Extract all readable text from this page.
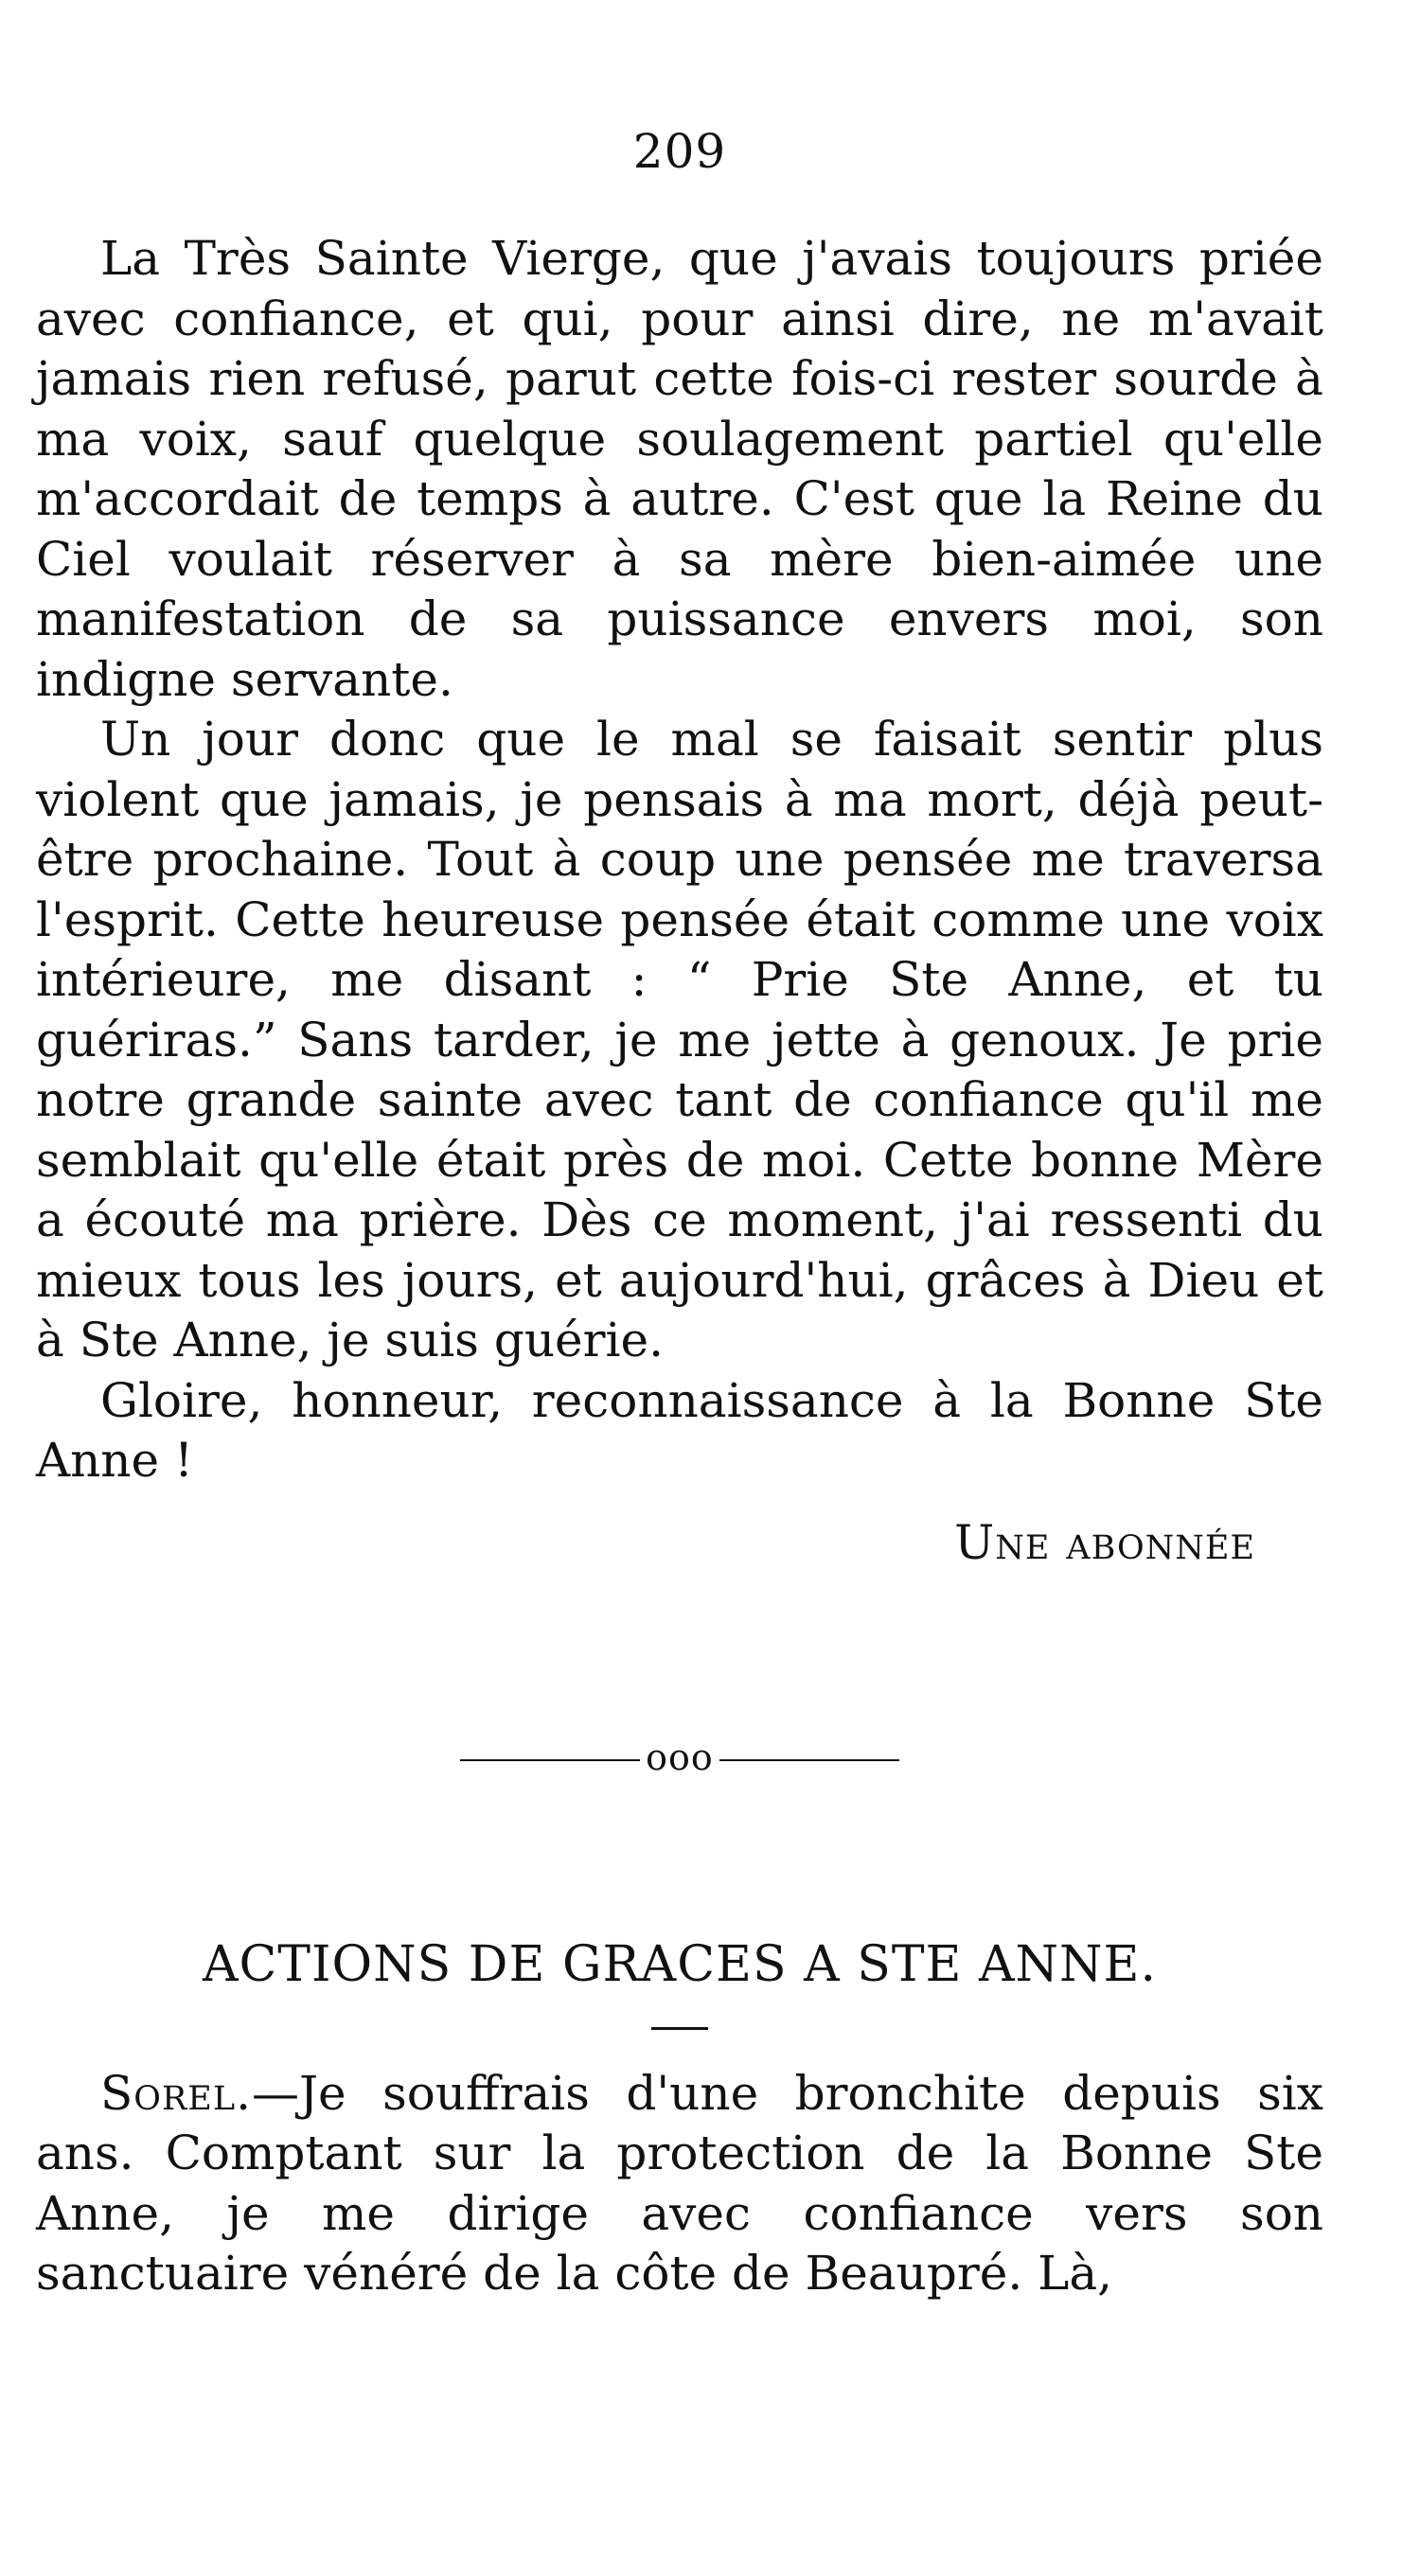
209

La Très Sainte Vierge, que j'avais toujours priée avec confiance, et qui, pour ainsi dire, ne m'avait jamais rien refusé, parut cette fois-ci rester sourde à ma voix, sauf quelque soulagement partiel qu'elle m'accordait de temps à autre. C'est que la Reine du Ciel voulait réserver à sa mère bien-aimée une manifestation de sa puissance envers moi, son indigne servante.

Un jour donc que le mal se faisait sentir plus violent que jamais, je pensais à ma mort, déjà peut-être prochaine. Tout à coup une pensée me traversa l'esprit. Cette heureuse pensée était comme une voix intérieure, me disant : “ Prie Ste Anne, et tu guériras.” Sans tarder, je me jette à genoux. Je prie notre grande sainte avec tant de confiance qu'il me semblait qu'elle était près de moi. Cette bonne Mère a écouté ma prière. Dès ce moment, j'ai ressenti du mieux tous les jours, et aujourd'hui, grâces à Dieu et à Ste Anne, je suis guérie.

Gloire, honneur, reconnaissance à la Bonne Ste Anne !

Une abonnée
ooo
ACTIONS DE GRACES A STE ANNE.

Sorel.—Je souffrais d'une bronchite depuis six ans. Comptant sur la protection de la Bonne Ste Anne, je me dirige avec confiance vers son sanctuaire vénéré de la côte de Beaupré. Là,
